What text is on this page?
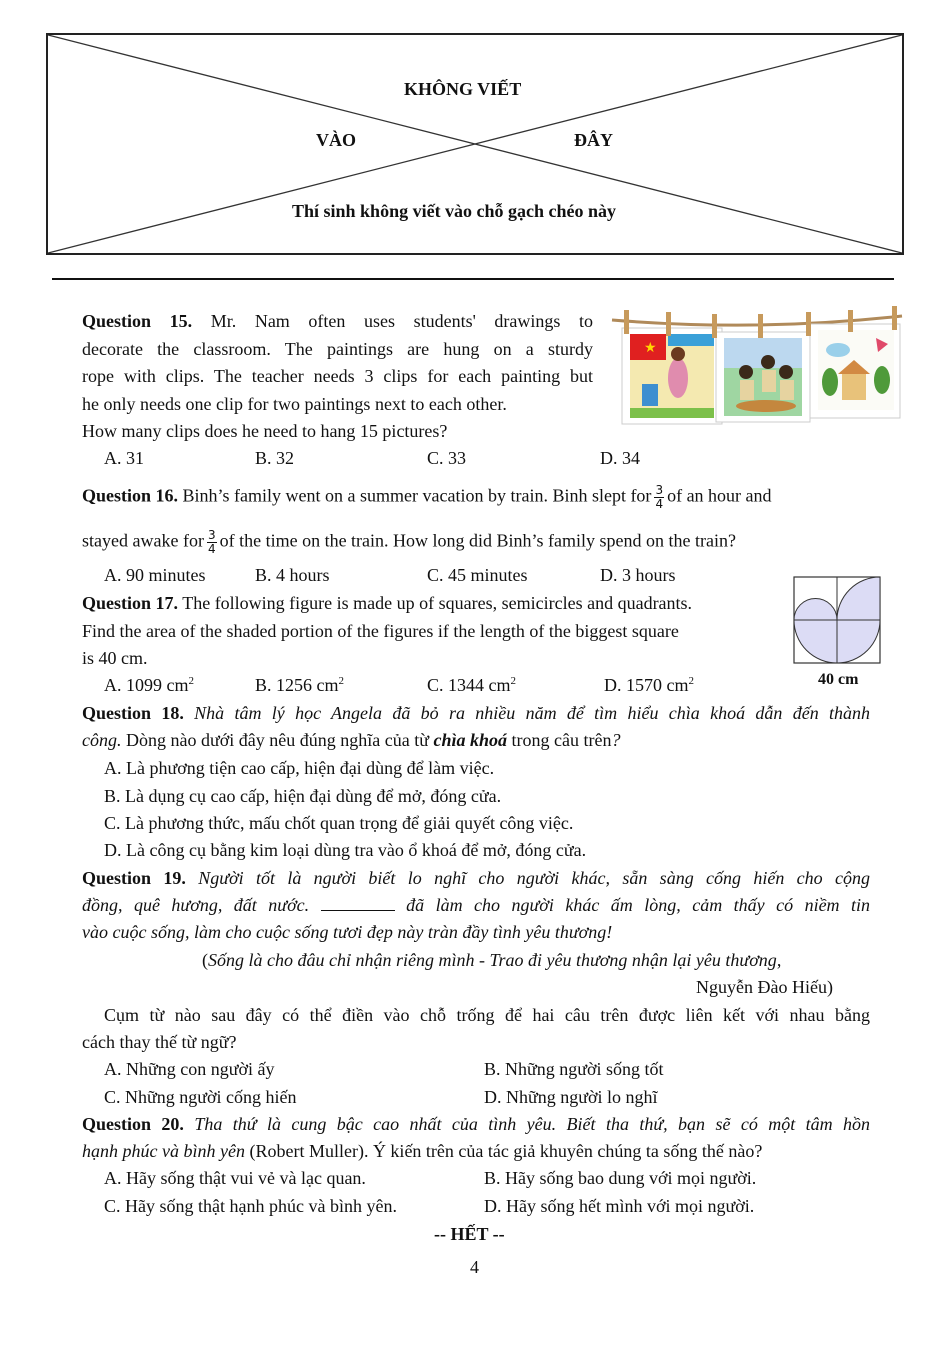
KHÔNG VIẾT
VÀO	ĐÂY
Thí sinh không viết vào chỗ gạch chéo này
Question 15. Mr. Nam often uses students' drawings to
decorate the classroom. The paintings are hung on a sturdy
rope with clips. The teacher needs 3 clips for each painting but
he only needs one clip for two paintings next to each other.
How many clips does he need to hang 15 pictures?
A. 31	B. 32	C. 33	D. 34
★
Question 16. Binh’s family went on a summer vacation by train. Binh slept for $\frac{3}{4}$ of an hour and
stayed awake for $\frac{3}{4}$ of the time on the train. How long did Binh’s family spend on the train?
A. 90 minutes	B. 4 hours	C. 45 minutes	D. 3 hours
Question 17. The following figure is made up of squares, semicircles and quadrants.
Find the area of the shaded portion of the figures if the length of the biggest square
is 40 cm.
A. 1099 $cm^2$	B. 1256 $cm^2$	C. 1344 $cm^2$	D. 1570 $cm^2$	40 cm
Question 18. Nhà tâm lý học Angela đã bỏ ra nhiều năm để tìm hiểu chìa khoá dẫn đến thành
công. Dòng nào dưới đây nêu đúng nghĩa của từ chìa khoá trong câu trên?
A. Là phương tiện cao cấp, hiện đại dùng để làm việc.
B. Là dụng cụ cao cấp, hiện đại dùng để mở, đóng cửa.
C. Là phương thức, mấu chốt quan trọng để giải quyết công việc.
D. Là công cụ bằng kim loại dùng tra vào ổ khoá để mở, đóng cửa.
Question 19. Người tốt là người biết lo nghĩ cho người khác, sẵn sàng cống hiến cho cộng
đồng, quê hương, đất nước.	đã làm cho người khác ấm lòng, cảm thấy có niềm tin
vào cuộc sống, làm cho cuộc sống tươi đẹp này tràn đầy tình yêu thương!
(Sống là cho đâu chỉ nhận riêng mình - Trao đi yêu thương nhận lại yêu thương,
Nguyễn Đào Hiếu)
Cụm từ nào sau đây có thể điền vào chỗ trống để hai câu trên được liên kết với nhau bằng
cách thay thế từ ngữ?
A. Những con người ấy	B. Những người sống tốt
C. Những người cống hiến	D. Những người lo nghĩ
Question 20. Tha thứ là cung bậc cao nhất của tình yêu. Biết tha thứ, bạn sẽ có một tâm hồn
hạnh phúc và bình yên (Robert Muller). Ý kiến trên của tác giả khuyên chúng ta sống thế nào?
A. Hãy sống thật vui vẻ và lạc quan.	B. Hãy sống bao dung với mọi người.
C. Hãy sống thật hạnh phúc và bình yên.	D. Hãy sống hết mình với mọi người.
-- HẾT --
4
